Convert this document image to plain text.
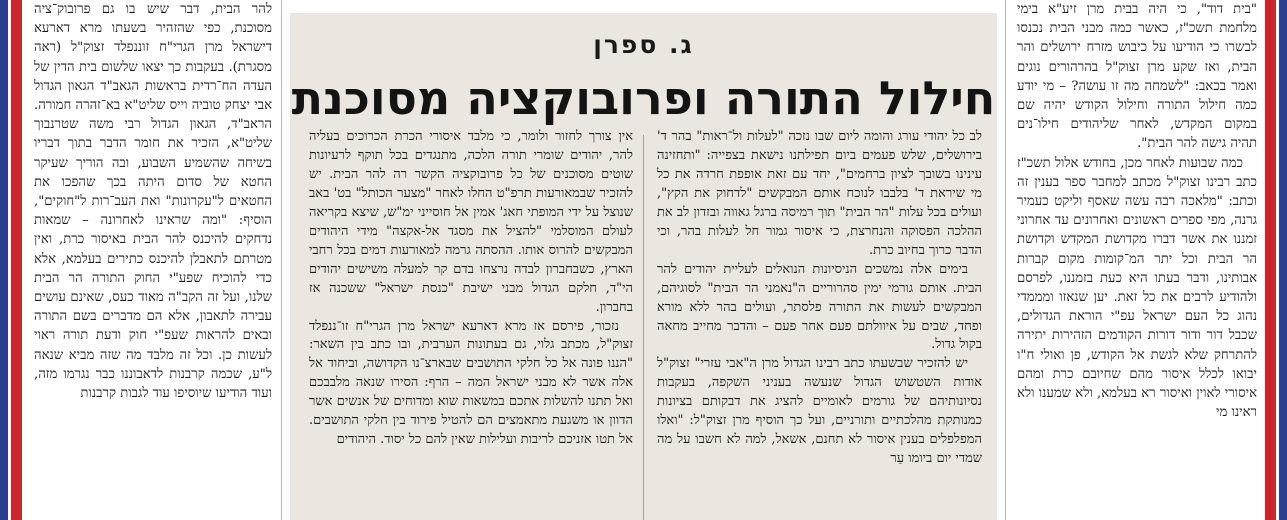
"בית דוד", כי היה בבית מרן זיע"א בימי מלחמת תשכ"ז, כאשר כמה מבני הבית נכנסו לבשרו כי הודיעו על כיבוש מזרח ירושלים והר הבית, ואז שקע מרן זצוק"ל בהרהורים נוגים ואמר בכאב: "לשמחה מה זו עושה? – מי יודע כמה חילול התורה וחילול הקודש יהיה שם במקום המקדש, לאחר שליהודים חילו־נים תהיה גישה להר הבית".

כמה שבועות לאחר מכן, בחודש אלול תשכ"ז כתב רבינו זצוק"ל מכתב למחבר ספר בענין זה וכתב: "מלאכה רבה עשה שאסף וליקט כעמיר גרנה, מפי ספרים ראשונים ואחרונים עד אחרוני זמננו את אשר דברו מקדושת המקדש וקדושת הר הבית וכל יתר המ־קומות מקום קברות אבותינו, ודבר בעתו היא כעת בזמננו, לפרסם ולהודיע לרבים את כל זאת. יען שנאזו ומממדי נהוג כל העם ישראל עפ"י הוראת הגדולים, שכבל דור ודור דורות הקודמים הזהירות יתירה להתרחק שלא לגשת אל הקודש, פן ואולי ח"ו יבואו לכלל איסור מהם שחיובם כרת ומהם איסורי לאוין ואיסור רא בעלמא, ולא שמענו ולא ראינו מי

ג. ספרן
חילול התורה ופרובוקציה מסוכנת

לב כל יהודי עורג והומה ליום שבו נזכה "לעלות ול־ראות" בהר ד' בירושלים, שלש פעמים ביום תפילתנו נישאת בצפייה: "ותחזינה עינינו בשובך לציון ברחמים", יחד עם זאת אופפת חרדה את כל מי שיראת ד' בלבבו לנוכח אותם המבקשים "לדחוק את הקץ", ועולים בכל עלות "הר הבית" תוך רמיסה ברגל גאווה ובזדון לב את ההלכה הפסוקה והנחרצת, כי איסור גמור חל לעלות בהר, וכי הדבר כרוך בחיוב כרת.

בימים אלה נמשכים הניסיונות הנואלים לעליית יהודים להר הבית. אותם גורמי ימין סהרוריים ה"נאמני הר הבית" לסוגיהם, המבקשים לעשות את התורה פלסתר, ועולים בהר ללא מורא ופחד, שבים על איוולתם פעם אחר פעם – והדבר מחייב מחאה בקול גדול.

יש להזכיר שבשעתו כתב רבינו הגדול מרן ה"אבי עזרי" זצוק"ל אודות השטשוש הגדול שנעשה בעניני השקפה, בעקבות נסיונותיהם של גורמים לאומיים להציג את דבקותם בציונות כמנותקת מהלכתיים ותורניים, ועל כך הוסיף מרן זצוק"ל: "ואלו המפלפלים בענין איסור לא תחנם, אשאל, למה לא חשבו על מה שמדי יום ביומו עַר

אין צורך לחזור ולומר, כי מלבד איסורי הכרת הכרוכים בעליה להר, יהודים שומרי תורה הלכה, מתנגדים בכל תוקף לרעיונות שוטים מסוכנים של כל פרובוקציה הקשר רה להר הבית. יש להזכיר שבמאורעות תרפ"ט החלו לאחר "מצער הכותל" בט' באב שנוצל על ידי המופתי חאג' אמין אל חוסייני ימ"ש, שיצא בקריאה לעולם המוסלמי "להציל את מסגד אל-אקצה" מידי היהודים המבקשים להרוס אותו. ההסתה גרמה למאורעות דמים בכל רחבי הארץ, כשבחברון לבדה נרצחו בדם קר למעלה משישים יהודים הי"ד, חלקם הגדול מבני ישיבת "כנסת ישראל" ששכנה אז בחברון.

נזכור, פירסם אז מרא דארעא ישראל מרן הגרי"ח זו־ננפלד זצוק"ל, מכתב גלוי, גם בעתונות הערבית, ובו כתב בין השאר: "הננו פונה אל כל חלקי התושבים שבארצ־נו הקדושה, וביחוד אל אלה אשר לא מבני ישראל המה – הרף: הסירו שנאה מלבבכם ואל תתנו להשלות אתכם במשאות שוא ומדוחים של אנשים אשר הדוון או משגעת מתאמצים הם להטיל פירוד בין חלקי התושבים. אל תטו אזניכם לריבות ועלילות שאין להם כל יסוד. היהודים

להר הבית, דבר שיש בו גם פרובוק־ציה מסוכנת, כפי שהזהיר בשעתו מרא דארעא דישראל מרן הגרי"ח זוננפלד זצוק"ל (ראה מסגרת). בעקבות כך יצאו שלשום בית הדין של העדה הח־רדית בראשות הגאב"ד הגאון הגדול אבי יצחק טוביה וייס שליט"א בא־זהרה חמורה. הראב"ד, הגאון הגדול רבי משה שטרנבוך שליט"א, הזכיר את חומר הדבר בתוך דבריו בשיחה שהשמיע השבוע, ובה הוריך שעיקר החטא של סדום היתה בכך שהפכו את החטאים ל"עקרונות" ואת העב־רות ל"חוקים", הוסיף: "ומה שראינו לאחרונה – שמאות נדחקים להיכנס להר הבית באיסור כרת, ואין מטרתם לתאבלן להיכנס כתירים בעלמא, אלא כדי להוכיח שפע"י החוק התורה הר הבית שלנו, ועל זה הקב"ה מאוד כעס, שאינם עושים עבירה לתאבון, אלא הם מדברים בשם התורה ובאים להראות שעפ"י חוק ודעת תורה ראוי לעשות כן. וכל זה מלבד מה שזה מביא שנאה ל"ע, שכמה קרבנות לדאבוננו כבר נגרמו מזה, ועוד הודיעו שיוסיפו עוד לגבות קרבנות
